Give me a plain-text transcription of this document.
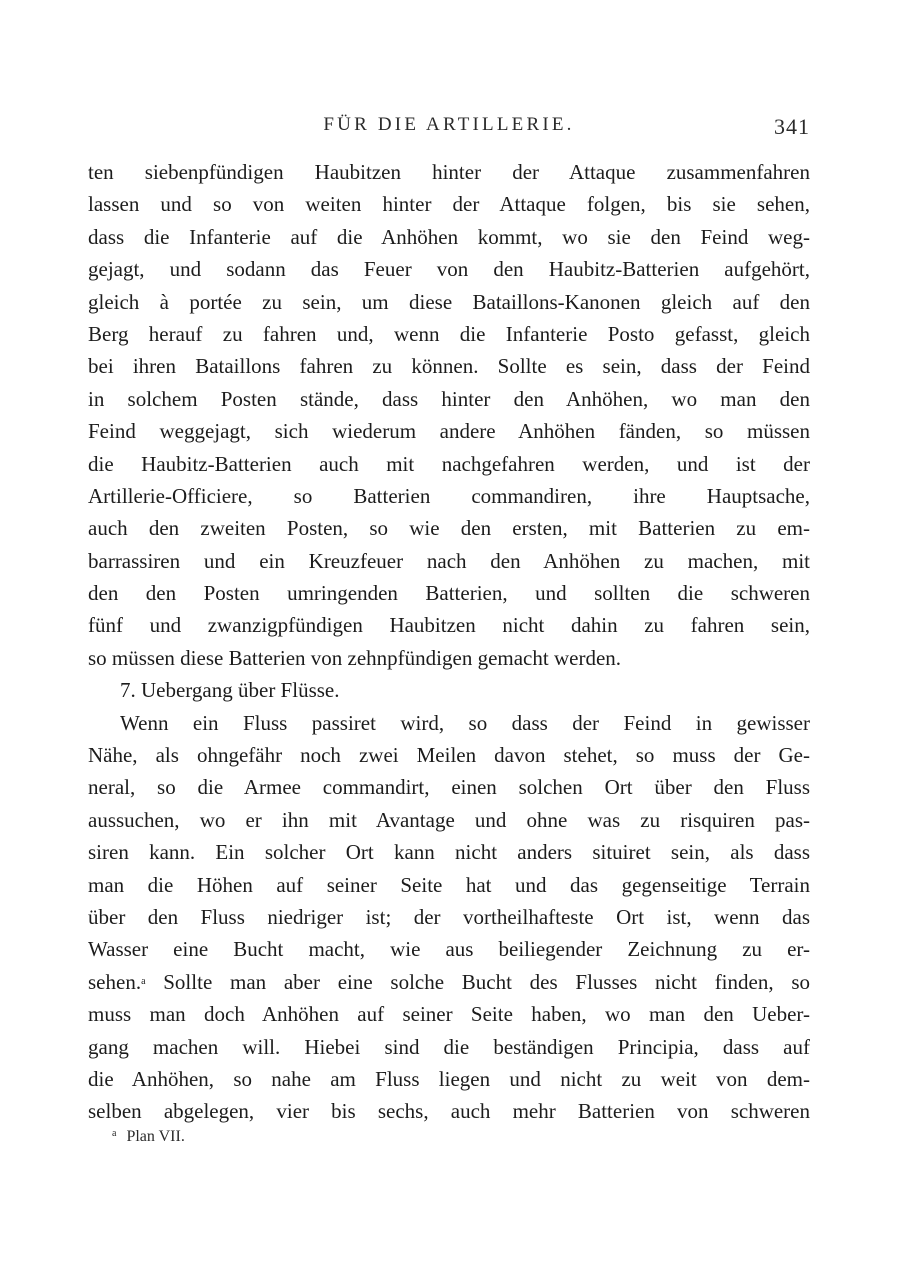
FÜR DIE ARTILLERIE.	341
ten siebenpfündigen Haubitzen hinter der Attaque zusammenfahren
lassen und so von weiten hinter der Attaque folgen, bis sie sehen,
dass die Infanterie auf die Anhöhen kommt, wo sie den Feind weg-
gejagt, und sodann das Feuer von den Haubitz-Batterien aufgehört,
gleich à portée zu sein, um diese Bataillons-Kanonen gleich auf den
Berg herauf zu fahren und, wenn die Infanterie Posto gefasst, gleich
bei ihren Bataillons fahren zu können. Sollte es sein, dass der Feind
in solchem Posten stände, dass hinter den Anhöhen, wo man den
Feind weggejagt, sich wiederum andere Anhöhen fänden, so müssen
die Haubitz-Batterien auch mit nachgefahren werden, und ist der
Artillerie-Officiere, so Batterien commandiren, ihre Hauptsache,
auch den zweiten Posten, so wie den ersten, mit Batterien zu em-
barrassiren und ein Kreuzfeuer nach den Anhöhen zu machen, mit
den den Posten umringenden Batterien, und sollten die schweren
fünf und zwanzigpfündigen Haubitzen nicht dahin zu fahren sein,
so müssen diese Batterien von zehnpfündigen gemacht werden.
7. Uebergang über Flüsse.
Wenn ein Fluss passiret wird, so dass der Feind in gewisser
Nähe, als ohngefähr noch zwei Meilen davon stehet, so muss der Ge-
neral, so die Armee commandirt, einen solchen Ort über den Fluss
aussuchen, wo er ihn mit Avantage und ohne was zu risquiren pas-
siren kann. Ein solcher Ort kann nicht anders situiret sein, als dass
man die Höhen auf seiner Seite hat und das gegenseitige Terrain
über den Fluss niedriger ist; der vortheilhafteste Ort ist, wenn das
Wasser eine Bucht macht, wie aus beiliegender Zeichnung zu er-
sehen.$^a$ Sollte man aber eine solche Bucht des Flusses nicht finden, so
muss man doch Anhöhen auf seiner Seite haben, wo man den Ueber-
gang machen will. Hiebei sind die beständigen Principia, dass auf
die Anhöhen, so nahe am Fluss liegen und nicht zu weit von dem-
selben abgelegen, vier bis sechs, auch mehr Batterien von schweren
$^a$ Plan VII.
